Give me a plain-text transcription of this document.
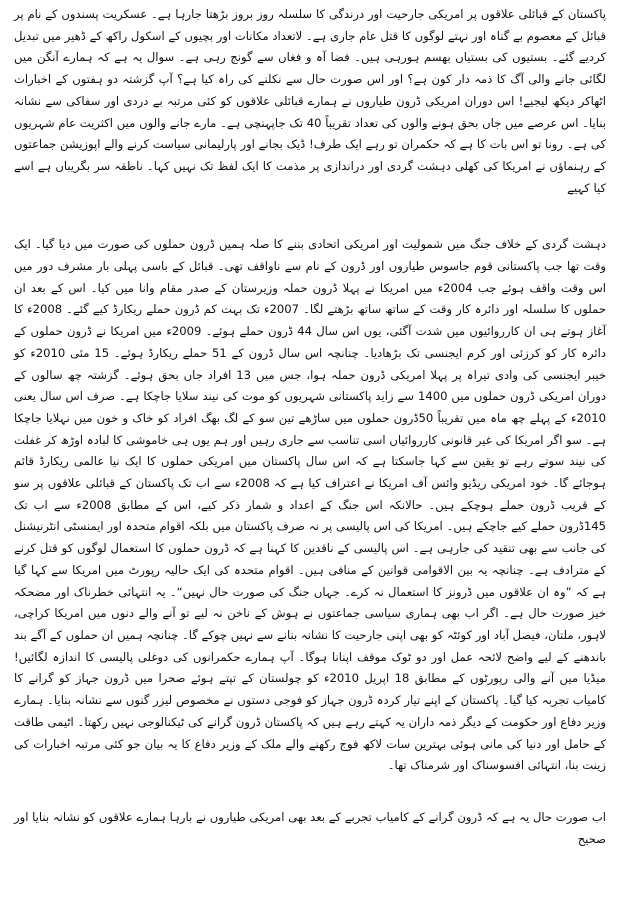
پاکستان کے قبائلی علاقوں پر امریکی جارحیت اور درندگی کا سلسلہ روز بروز بڑھتا جارہا ہے۔ عسکریت پسندوں کے نام پر قبائل کے معصوم بے گناہ اور نہتے لوگوں کا قتل عام جاری ہے۔ لاتعداد مکانات اور بچیوں کے اسکول راکھ کے ڈھیر میں تبدیل کردیے گئے۔ بستیوں کی بستیاں بھسم ہورہی ہیں۔ فضا آہ و فغاں سے گونج رہی ہے۔ سوال یہ ہے کہ ہمارے آنگن میں لگائی جانے والی آگ کا ذمہ دار کون ہے؟ اور اس صورت حال سے نکلنے کی راہ کیا ہے؟ آپ گزشتہ دو ہفتوں کے اخبارات اٹھاکر دیکھ لیجیے! اس دوران امریکی ڈرون طیاروں نے ہمارے قبائلی علاقوں کو کئی مرتبہ بے دردی اور سفاکی سے نشانہ بنایا۔ اس عرصے میں جاں بحق ہونے والوں کی تعداد تقریباً 40 تک جاپہنچی ہے۔ مارے جانے والوں میں اکثریت عام شہریوں کی ہے۔ رونا تو اس بات کا ہے کہ حکمران تو رہے ایک طرف! ڈیک بجانے اور پارلیمانی سیاست کرنے والے اپوزیشن جماعتوں کے رہنماؤں نے امریکا کی کھلی دہشت گردی اور دراندازی پر مذمت کا ایک لفظ تک نہیں کہا۔ ناطقہ سر بگریباں ہے اسے کیا کہیے

دہشت گردی کے خلاف جنگ میں شمولیت اور امریکی اتحادی بننے کا صلہ ہمیں ڈرون حملوں کی صورت میں دیا گیا۔ ایک وقت تھا جب پاکستانی قوم جاسوس طیاروں اور ڈرون کے نام سے ناواقف تھی۔ قبائل کے باسی پہلی بار مشرف دور میں اس وقت واقف ہوئے جب 2004ء میں امریکا نے پہلا ڈرون حملہ وزیرستان کے صدر مقام وانا میں کیا۔ اس کے بعد ان حملوں کا سلسلہ اور دائرہ کار وقت کے ساتھ ساتھ بڑھتے لگا۔ 2007ء تک بہت کم ڈرون حملے ریکارڈ کیے گئے۔ 2008ء کا آغاز ہوتے ہی ان کارروائیوں میں شدت آگئی، یوں اس سال 44 ڈرون حملے ہوئے۔ 2009ء میں امریکا نے ڈرون حملوں کے دائرہ کار کو کرزئی اور کرم ایجنسی تک بڑھادیا۔ چنانچہ اس سال ڈرون کے 51 حملے ریکارڈ ہوئے۔ 15 مئی 2010ء کو خیبر ایجنسی کی وادی تیراہ پر پہلا امریکی ڈرون حملہ ہوا، جس میں 13 افراد جاں بحق ہوئے۔ گزشتہ چھ سالوں کے دوران امریکی ڈرون حملوں میں 1400 سے زاید پاکستانی شہریوں کو موت کی نیند سلایا جاچکا ہے۔ صرف اس سال یعنی 2010ء کے پہلے چھ ماہ میں تقریباً 50ڈرون حملوں میں ساڑھے تین سو کے لگ بھگ افراد کو خاک و خون میں نہلایا جاچکا ہے۔ سو اگر امریکا کی غیر قانونی کارروائیاں اسی تناسب سے جاری رہیں اور ہم یوں ہی خاموشی کا لبادہ اوڑھ کر غفلت کی نیند سوتے رہے تو یقین سے کہا جاسکتا ہے کہ اس سال پاکستان میں امریکی حملوں کا ایک نیا عالمی ریکارڈ قائم ہوجائے گا۔ خود امریکی ریڈیو وائس آف امریکا نے اعتراف کیا ہے کہ 2008ء سے اب تک پاکستان کے قبائلی علاقوں پر سو کے قریب ڈرون حملے ہوچکے ہیں۔ حالانکہ اس جنگ کے اعداد و شمار ذکر کیے، اس کے مطابق 2008ء سے اب تک 145ڈرون حملے کیے جاچکے ہیں۔ امریکا کی اس پالیسی پر نہ صرف پاکستان میں بلکہ اقوام متحدہ اور ایمنسٹی انٹرنیشنل کی جانب سے بھی تنقید کی جارہی ہے۔ اس پالیسی کے ناقدین کا کہنا ہے کہ ڈرون حملوں کا استعمال لوگوں کو قتل کرنے کے مترادف ہے۔ چنانچہ یہ بین الاقوامی قوانین کے منافی ہیں۔ اقوام متحدہ کی ایک حالیہ رپورٹ میں امریکا سے کہا گیا ہے کہ ”وہ ان علاقوں میں ڈرونز کا استعمال نہ کرے۔ جہاں جنگ کی صورت حال نہیں“۔ یہ انتہائی خطرناک اور مضحکہ خیز صورت حال ہے۔ اگر اب بھی ہماری سیاسی جماعتوں نے ہوش کے ناخن نہ لیے تو آنے والے دنوں میں امریکا کراچی، لاہور، ملتان، فیصل آباد اور کوئٹہ کو بھی اپنی جارحیت کا نشانہ بنانے سے نہیں چوکے گا۔ چنانچہ ہمیں ان حملوں کے آگے بند باندھنے کے لیے واضح لائحہ عمل اور دو ٹوک موقف اپنانا ہوگا۔ آپ ہمارے حکمرانوں کی دوغلی پالیسی کا اندازہ لگائیں! میڈیا میں آنے والی رپورٹوں کے مطابق 18 اپریل 2010ء کو چولستان کے تپتے ہوئے صحرا میں ڈرون جہاز کو گرانے کا کامیاب تجربہ کیا گیا۔ پاکستان کے اپنے تیار کردہ ڈرون جہاز کو فوجی دستوں نے مخصوص لیزر گنوں سے نشانہ بنایا۔ ہمارے وزیر دفاع اور حکومت کے دیگر ذمہ داران یہ کہتے رہے ہیں کہ پاکستان ڈرون گرانے کی ٹیکنالوجی نہیں رکھتا۔ اٹیمی طاقت کے حامل اور دنیا کی مانی ہوئی بہترین سات لاکھ فوج رکھنے والے ملک کے وزیر دفاع کا یہ بیان جو کئی مرتبہ اخبارات کی زینت بنا، انتہائی افسوسناک اور شرمناک تھا۔

اب صورت حال یہ ہے کہ ڈرون گرانے کے کامیاب تجربے کے بعد بھی امریکی طیاروں نے بارہا ہمارے علاقوں کو نشانہ بنایا اور صحیح
